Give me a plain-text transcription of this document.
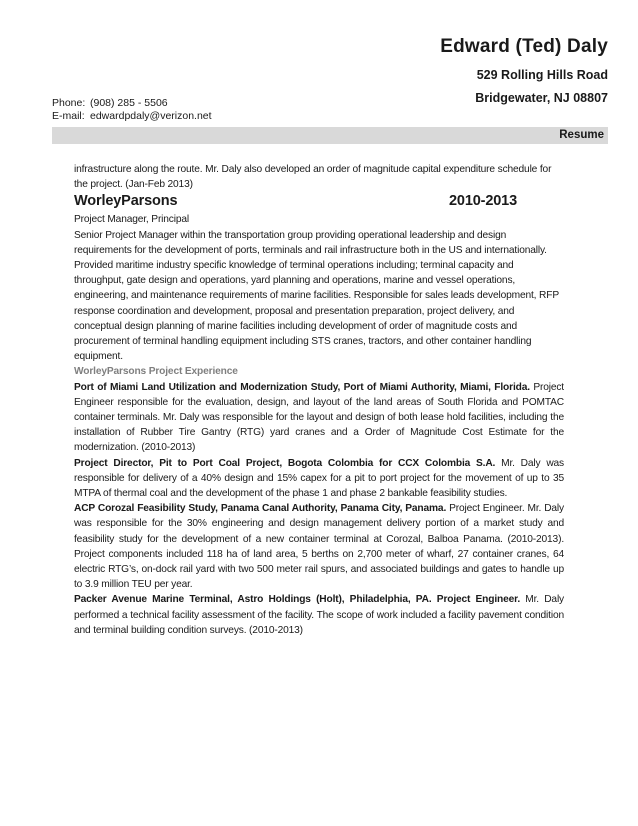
Edward (Ted) Daly
529 Rolling Hills Road
Bridgewater, NJ 08807
Phone: (908) 285 - 5506
E-mail: edwardpdaly@verizon.net
Resume

infrastructure along the route. Mr. Daly also developed an order of magnitude capital expenditure schedule for the project. (Jan-Feb 2013)

WorleyParsons	2010-2013

Project Manager, Principal

Senior Project Manager within the transportation group providing operational leadership and design requirements for the development of ports, terminals and rail infrastructure both in the US and internationally. Provided maritime industry specific knowledge of terminal operations including; terminal capacity and throughput, gate design and operations, yard planning and operations, marine and vessel operations, engineering, and maintenance requirements of marine facilities. Responsible for sales leads development, RFP response coordination and development, proposal and presentation preparation, project delivery, and conceptual design planning of marine facilities including development of order of magnitude costs and procurement of terminal handling equipment including STS cranes, tractors, and other container handling equipment.

WorleyParsons Project Experience

Port of Miami Land Utilization and Modernization Study, Port of Miami Authority, Miami, Florida. Project Engineer responsible for the evaluation, design, and layout of the land areas of South Florida and POMTAC container terminals. Mr. Daly was responsible for the layout and design of both lease hold facilities, including the installation of Rubber Tire Gantry (RTG) yard cranes and a Order of Magnitude Cost Estimate for the modernization. (2010-2013)

Project Director, Pit to Port Coal Project, Bogota Colombia for CCX Colombia S.A. Mr. Daly was responsible for delivery of a 40% design and 15% capex for a pit to port project for the movement of up to 35 MTPA of thermal coal and the development of the phase 1 and phase 2 bankable feasibility studies.

ACP Corozal Feasibility Study, Panama Canal Authority, Panama City, Panama. Project Engineer. Mr. Daly was responsible for the 30% engineering and design management delivery portion of a market study and feasibility study for the development of a new container terminal at Corozal, Balboa Panama. (2010-2013). Project components included 118 ha of land area, 5 berths on 2,700 meter of wharf, 27 container cranes, 64 electric RTG’s, on-dock rail yard with two 500 meter rail spurs, and associated buildings and gates to handle up to 3.9 million TEU per year.

Packer Avenue Marine Terminal, Astro Holdings (Holt), Philadelphia, PA. Project Engineer. Mr. Daly performed a technical facility assessment of the facility. The scope of work included a facility pavement condition and terminal building condition surveys. (2010-2013)
